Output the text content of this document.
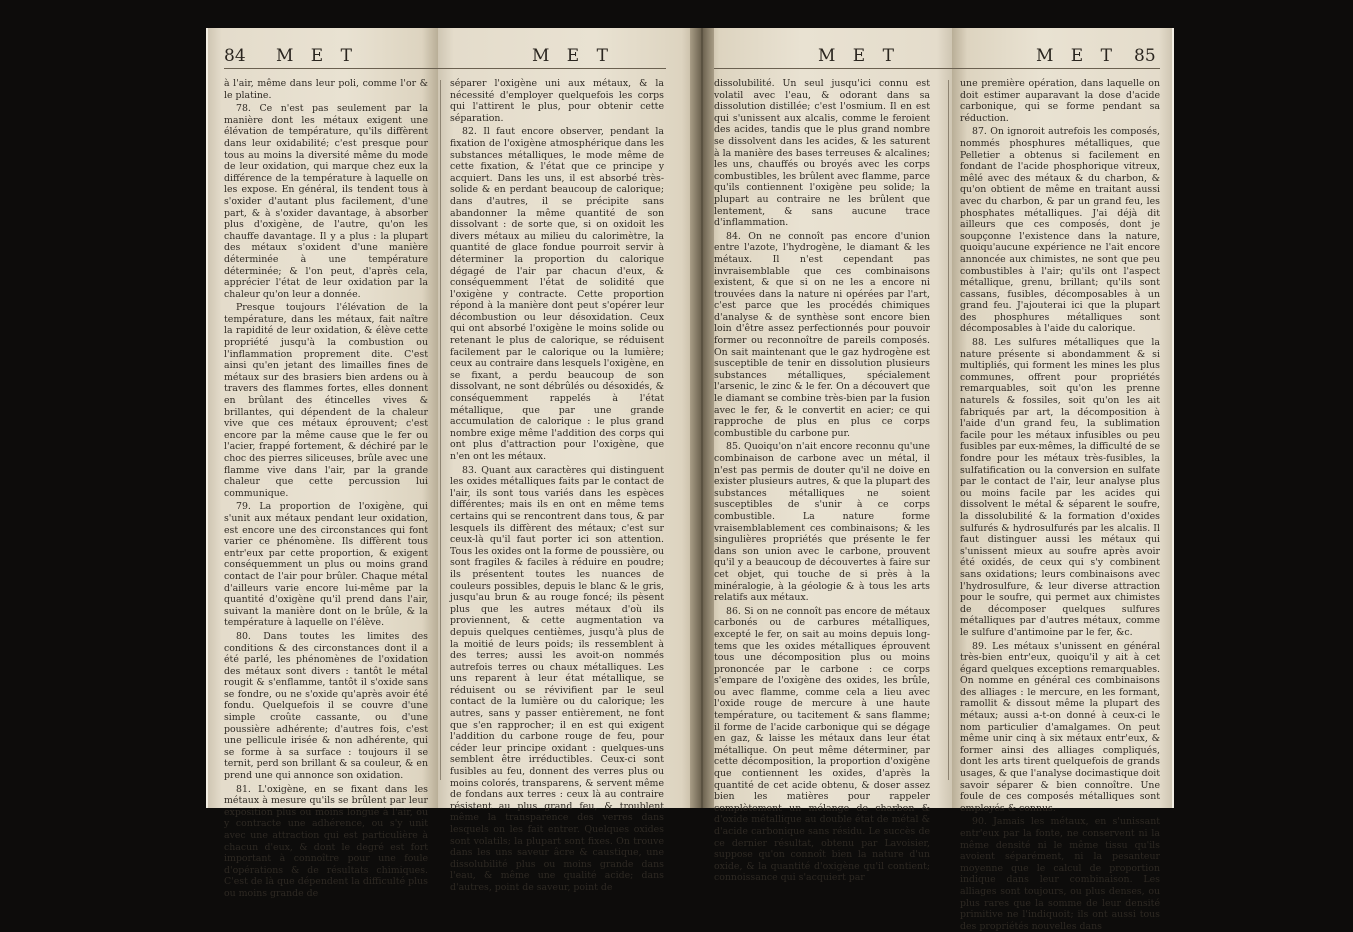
84 M E T	M E T	M E T	M E T 85

à l'air, même dans leur poli, comme l'or & le platine.

78. Ce n'est pas seulement par la manière dont les métaux exigent une élévation de température, qu'ils diffèrent dans leur oxidabilité; c'est presque pour tous au moins la diversité même du mode de leur oxidation, qui marque chez eux la différence de la température à laquelle on les expose. En général, ils tendent tous à s'oxider d'autant plus facilement, d'une part, & à s'oxider davantage, à absorber plus d'oxigène, de l'autre, qu'on les chauffe davantage. Il y a plus : la plupart des métaux s'oxident d'une manière déterminée à une température déterminée; & l'on peut, d'après cela, apprécier l'état de leur oxidation par la chaleur qu'on leur a donnée.

Presque toujours l'élévation de la température, dans les métaux, fait naître la rapidité de leur oxidation, & élève cette propriété jusqu'à la combustion ou l'inflammation proprement dite. C'est ainsi qu'en jetant des limailles fines de métaux sur des brasiers bien ardens ou à travers des flammes fortes, elles donnent en brûlant des étincelles vives & brillantes, qui dépendent de la chaleur vive que ces métaux éprouvent; c'est encore par la même cause que le fer ou l'acier, frappé fortement, & déchiré par le choc des pierres siliceuses, brûle avec une flamme vive dans l'air, par la grande chaleur que cette percussion lui communique.

79. La proportion de l'oxigène, qui s'unit aux métaux pendant leur oxidation, est encore une des circonstances qui font varier ce phénomène. Ils diffèrent tous entr'eux par cette proportion, & exigent conséquemment un plus ou moins grand contact de l'air pour brûler. Chaque métal d'ailleurs varie encore lui-même par la quantité d'oxigène qu'il prend dans l'air, suivant la manière dont on le brûle, & la température à laquelle on l'élève.

80. Dans toutes les limites des conditions & des circonstances dont il a été parlé, les phénomènes de l'oxidation des métaux sont divers : tantôt le métal rougit & s'enflamme, tantôt il s'oxide sans se fondre, ou ne s'oxide qu'après avoir été fondu. Quelquefois il se couvre d'une simple croûte cassante, ou d'une poussière adhérente; d'autres fois, c'est une pellicule irisée & non adhérente, qui se forme à sa surface : toujours il se ternit, perd son brillant & sa couleur, & en prend une qui annonce son oxidation.

81. L'oxigène, en se fixant dans les métaux à mesure qu'ils se brûlent par leur exposition plus ou moins longue à l'air, ou y contracte une adhérence, ou s'y unit avec une attraction qui est particulière à chacun d'eux, & dont le degré est fort important à connoître pour une foule d'opérations & de résultats chimiques. C'est de là que dépendent la difficulté plus ou moins grande de

séparer l'oxigène uni aux métaux, & la nécessité d'employer quelquefois les corps qui l'attirent le plus, pour obtenir cette séparation.

82. Il faut encore observer, pendant la fixation de l'oxigène atmosphérique dans les substances métalliques, le mode même de cette fixation, & l'état que ce principe y acquiert. Dans les uns, il est absorbé très-solide & en perdant beaucoup de calorique; dans d'autres, il se précipite sans abandonner la même quantité de son dissolvant : de sorte que, si on oxidoit les divers métaux au milieu du calorimètre, la quantité de glace fondue pourroit servir à déterminer la proportion du calorique dégagé de l'air par chacun d'eux, & conséquemment l'état de solidité que l'oxigène y contracte. Cette proportion répond à la manière dont peut s'opérer leur décombustion ou leur désoxidation. Ceux qui ont absorbé l'oxigène le moins solide ou retenant le plus de calorique, se réduisent facilement par le calorique ou la lumière; ceux au contraire dans lesquels l'oxigène, en se fixant, a perdu beaucoup de son dissolvant, ne sont débrûlés ou désoxidés, & conséquemment rappelés à l'état métallique, que par une grande accumulation de calorique : le plus grand nombre exige même l'addition des corps qui ont plus d'attraction pour l'oxigène, que n'en ont les métaux.

83. Quant aux caractères qui distinguent les oxides métalliques faits par le contact de l'air, ils sont tous variés dans les espèces différentes; mais ils en ont en même tems certains qui se rencontrent dans tous, & par lesquels ils diffèrent des métaux; c'est sur ceux-là qu'il faut porter ici son attention. Tous les oxides ont la forme de poussière, ou sont fragiles & faciles à réduire en poudre; ils présentent toutes les nuances de couleurs possibles, depuis le blanc & le gris, jusqu'au brun & au rouge foncé; ils pèsent plus que les autres métaux d'où ils proviennent, & cette augmentation va depuis quelques centièmes, jusqu'à plus de la moitié de leurs poids; ils ressemblent à des terres; aussi les avoit-on nommés autrefois terres ou chaux métalliques. Les uns reparent à leur état métallique, se réduisent ou se révivifient par le seul contact de la lumière ou du calorique; les autres, sans y passer entièrement, ne font que s'en rapprocher; il en est qui exigent l'addition du carbone rouge de feu, pour céder leur principe oxidant : quelques-uns semblent être irréductibles. Ceux-ci sont fusibles au feu, donnent des verres plus ou moins colorés, transparens, & servent même de fondans aux terres : ceux là au contraire résistent au plus grand feu, & troublent même la transparence des verres dans lesquels on les fait entrer. Quelques oxides sont volatils; la plupart sont fixes. On trouve dans les uns saveur âcre & caustique, une dissolubilité plus ou moins grande dans l'eau, & même une qualité acide; dans d'autres, point de saveur, point de

dissolubilité. Un seul jusqu'ici connu est volatil avec l'eau, & odorant dans sa dissolution distillée; c'est l'osmium. Il en est qui s'unissent aux alcalis, comme le feroient des acides, tandis que le plus grand nombre se dissolvent dans les acides, & les saturent à la manière des bases terreuses & alcalines; les uns, chauffés ou broyés avec les corps combustibles, les brûlent avec flamme, parce qu'ils contiennent l'oxigène peu solide; la plupart au contraire ne les brûlent que lentement, & sans aucune trace d'inflammation.

84. On ne connoît pas encore d'union entre l'azote, l'hydrogène, le diamant & les métaux. Il n'est cependant pas invraisemblable que ces combinaisons existent, & que si on ne les a encore ni trouvées dans la nature ni opérées par l'art, c'est parce que les procédés chimiques d'analyse & de synthèse sont encore bien loin d'être assez perfectionnés pour pouvoir former ou reconnoître de pareils composés. On sait maintenant que le gaz hydrogène est susceptible de tenir en dissolution plusieurs substances métalliques, spécialement l'arsenic, le zinc & le fer. On a découvert que le diamant se combine très-bien par la fusion avec le fer, & le convertit en acier; ce qui rapproche de plus en plus ce corps combustible du carbone pur.

85. Quoiqu'on n'ait encore reconnu qu'une combinaison de carbone avec un métal, il n'est pas permis de douter qu'il ne doive en exister plusieurs autres, & que la plupart des substances métalliques ne soient susceptibles de s'unir à ce corps combustible. La nature forme vraisemblablement ces combinaisons; & les singulières propriétés que présente le fer dans son union avec le carbone, prouvent qu'il y a beaucoup de découvertes à faire sur cet objet, qui touche de si près à la minéralogie, à la géologie & à tous les arts relatifs aux métaux.

86. Si on ne connoît pas encore de métaux carbonés ou de carbures métalliques, excepté le fer, on sait au moins depuis long-tems que les oxides métalliques éprouvent tous une décomposition plus ou moins prononcée par le carbone : ce corps s'empare de l'oxigène des oxides, les brûle, ou avec flamme, comme cela a lieu avec l'oxide rouge de mercure à une haute température, ou tacitement & sans flamme; il forme de l'acide carbonique qui se dégage en gaz, & laisse les métaux dans leur état métallique. On peut même déterminer, par cette décomposition, la proportion d'oxigène que contiennent les oxides, d'après la quantité de cet acide obtenu, & doser assez bien les matières pour rappeler complètement un mélange de charbon & d'oxide métallique au double état de métal & d'acide carbonique sans résidu. Le succès de ce dernier résultat, obtenu par Lavoisier, suppose qu'on connoît bien la nature d'un oxide, & la quantité d'oxigène qu'il contient; connoissance qui s'acquiert par

une première opération, dans laquelle on doit estimer auparavant la dose d'acide carbonique, qui se forme pendant sa réduction.

87. On ignoroit autrefois les composés, nommés phosphures métalliques, que Pelletier a obtenus si facilement en fondant de l'acide phosphorique vitreux, mêlé avec des métaux & du charbon, & qu'on obtient de même en traitant aussi avec du charbon, & par un grand feu, les phosphates métalliques. J'ai déjà dit ailleurs que ces composés, dont je soupçonne l'existence dans la nature, quoiqu'aucune expérience ne l'ait encore annoncée aux chimistes, ne sont que peu combustibles à l'air; qu'ils ont l'aspect métallique, grenu, brillant; qu'ils sont cassans, fusibles, décomposables à un grand feu. J'ajouterai ici que la plupart des phosphures métalliques sont décomposables à l'aide du calorique.

88. Les sulfures métalliques que la nature présente si abondamment & si multipliés, qui forment les mines les plus communes, offrent pour propriétés remarquables, soit qu'on les prenne naturels & fossiles, soit qu'on les ait fabriqués par art, la décomposition à l'aide d'un grand feu, la sublimation facile pour les métaux infusibles ou peu fusibles par eux-mêmes, la difficulté de se fondre pour les métaux très-fusibles, la sulfatification ou la conversion en sulfate par le contact de l'air, leur analyse plus ou moins facile par les acides qui dissolvent le métal & séparent le soufre, la dissolubilité & la formation d'oxides sulfurés & hydrosulfurés par les alcalis. Il faut distinguer aussi les métaux qui s'unissent mieux au soufre après avoir été oxidés, de ceux qui s'y combinent sans oxidations; leurs combinaisons avec l'hydrosulfure, & leur diverse attraction pour le soufre, qui permet aux chimistes de décomposer quelques sulfures métalliques par d'autres métaux, comme le sulfure d'antimoine par le fer, &c.

89. Les métaux s'unissent en général très-bien entr'eux, quoiqu'il y ait à cet égard quelques exceptions remarquables. On nomme en général ces combinaisons des alliages : le mercure, en les formant, ramollit & dissout même la plupart des métaux; aussi a-t-on donné à ceux-ci le nom particulier d'amalgames. On peut même unir cinq à six métaux entr'eux, & former ainsi des alliages compliqués, dont les arts tirent quelquefois de grands usages, & que l'analyse docimastique doit savoir séparer & bien connoître. Une foule de ces composés métalliques sont employés & connus.

90. Jamais les métaux, en s'unissant entr'eux par la fonte, ne conservent ni la même densité ni le même tissu qu'ils avoient séparément, ni la pesanteur moyenne que le calcul de proportion indique dans leur combinaison. Les alliages sont toujours, ou plus denses, ou plus rares que la somme de leur densité primitive ne l'indiquoit; ils ont aussi tous des propriétés nouvelles dans
